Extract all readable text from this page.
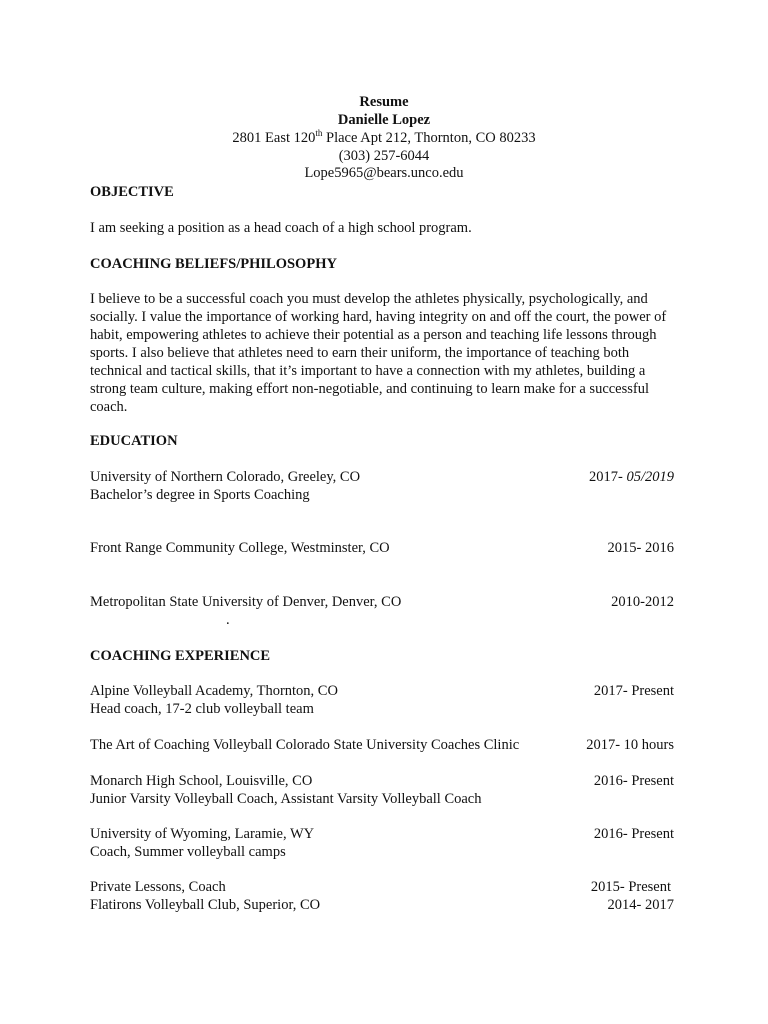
Resume
Danielle Lopez
2801 East 120th Place Apt 212, Thornton, CO 80233
(303) 257-6044
Lope5965@bears.unco.edu
OBJECTIVE
I am seeking a position as a head coach of a high school program.
COACHING BELIEFS/PHILOSOPHY
I believe to be a successful coach you must develop the athletes physically, psychologically, and socially. I value the importance of working hard, having integrity on and off the court, the power of habit, empowering athletes to achieve their potential as a person and teaching life lessons through sports. I also believe that athletes need to earn their uniform, the importance of teaching both technical and tactical skills, that it’s important to have a connection with my athletes, building a strong team culture, making effort non-negotiable, and continuing to learn make for a successful coach.
EDUCATION
University of Northern Colorado, Greeley, CO	2017- 05/2019
Bachelor’s degree in Sports Coaching
Front Range Community College, Westminster, CO	2015- 2016
Metropolitan State University of Denver, Denver, CO	2010-2012
.
COACHING EXPERIENCE
Alpine Volleyball Academy, Thornton, CO	2017- Present
Head coach, 17-2 club volleyball team
The Art of Coaching Volleyball Colorado State University Coaches Clinic	2017- 10 hours
Monarch High School, Louisville, CO	2016- Present
Junior Varsity Volleyball Coach, Assistant Varsity Volleyball Coach
University of Wyoming, Laramie, WY	2016- Present
Coach, Summer volleyball camps
Private Lessons, Coach	2015- Present
Flatirons Volleyball Club, Superior, CO	2014- 2017
